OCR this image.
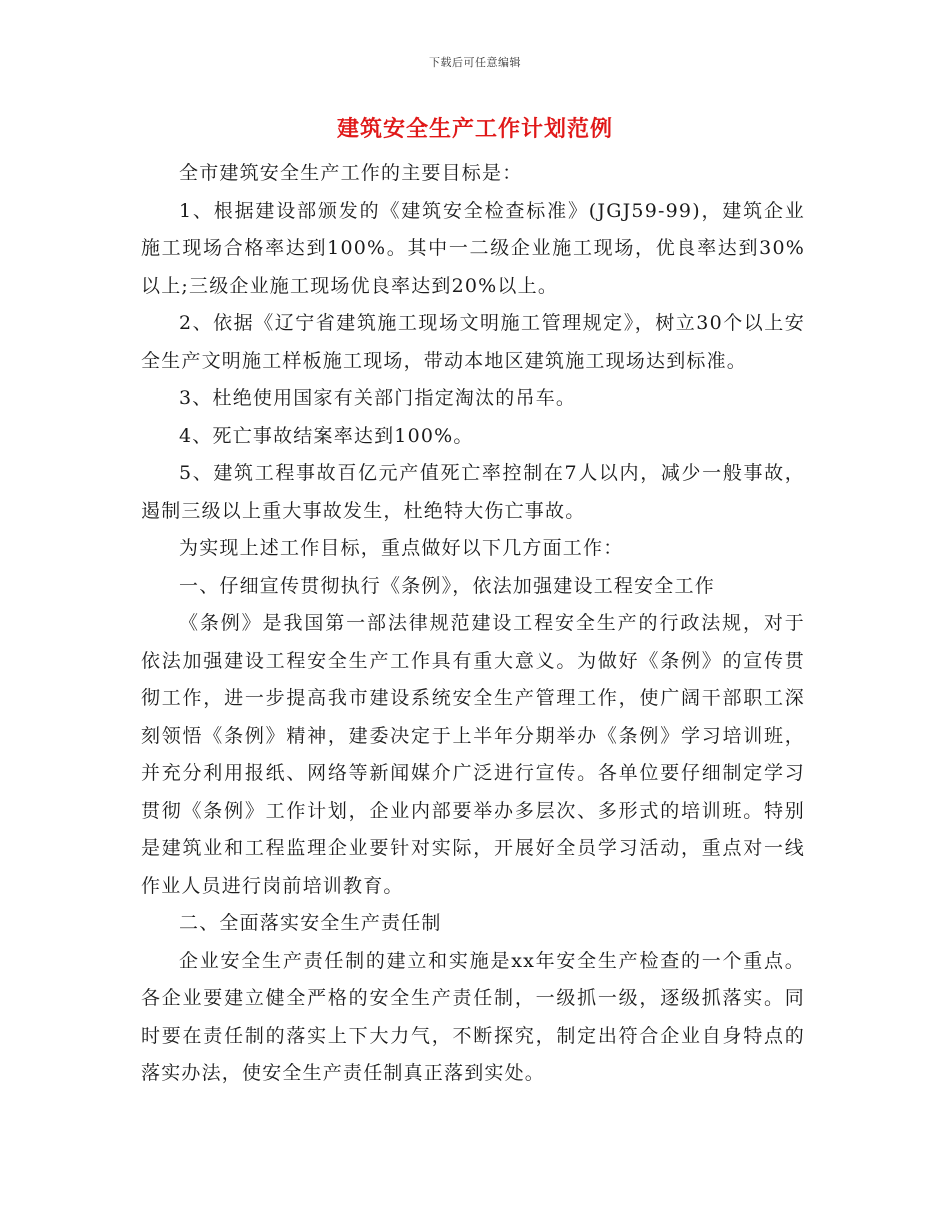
下载后可任意编辑
建筑安全生产工作计划范例

全市建筑安全生产工作的主要目标是：

1、根据建设部颁发的《建筑安全检查标准》(JGJ59-99)，建筑企业施工现场合格率达到100%。其中一二级企业施工现场，优良率达到30%以上;三级企业施工现场优良率达到20%以上。

2、依据《辽宁省建筑施工现场文明施工管理规定》，树立30个以上安全生产文明施工样板施工现场，带动本地区建筑施工现场达到标准。

3、杜绝使用国家有关部门指定淘汰的吊车。

4、死亡事故结案率达到100%。

5、建筑工程事故百亿元产值死亡率控制在7人以内，减少一般事故，遏制三级以上重大事故发生，杜绝特大伤亡事故。

为实现上述工作目标，重点做好以下几方面工作：

一、仔细宣传贯彻执行《条例》，依法加强建设工程安全工作

《条例》是我国第一部法律规范建设工程安全生产的行政法规，对于依法加强建设工程安全生产工作具有重大意义。为做好《条例》的宣传贯彻工作，进一步提高我市建设系统安全生产管理工作，使广阔干部职工深刻领悟《条例》精神，建委决定于上半年分期举办《条例》学习培训班，并充分利用报纸、网络等新闻媒介广泛进行宣传。各单位要仔细制定学习贯彻《条例》工作计划，企业内部要举办多层次、多形式的培训班。特别是建筑业和工程监理企业要针对实际，开展好全员学习活动，重点对一线作业人员进行岗前培训教育。

二、全面落实安全生产责任制

企业安全生产责任制的建立和实施是xx年安全生产检查的一个重点。各企业要建立健全严格的安全生产责任制，一级抓一级，逐级抓落实。同时要在责任制的落实上下大力气，不断探究，制定出符合企业自身特点的落实办法，使安全生产责任制真正落到实处。
